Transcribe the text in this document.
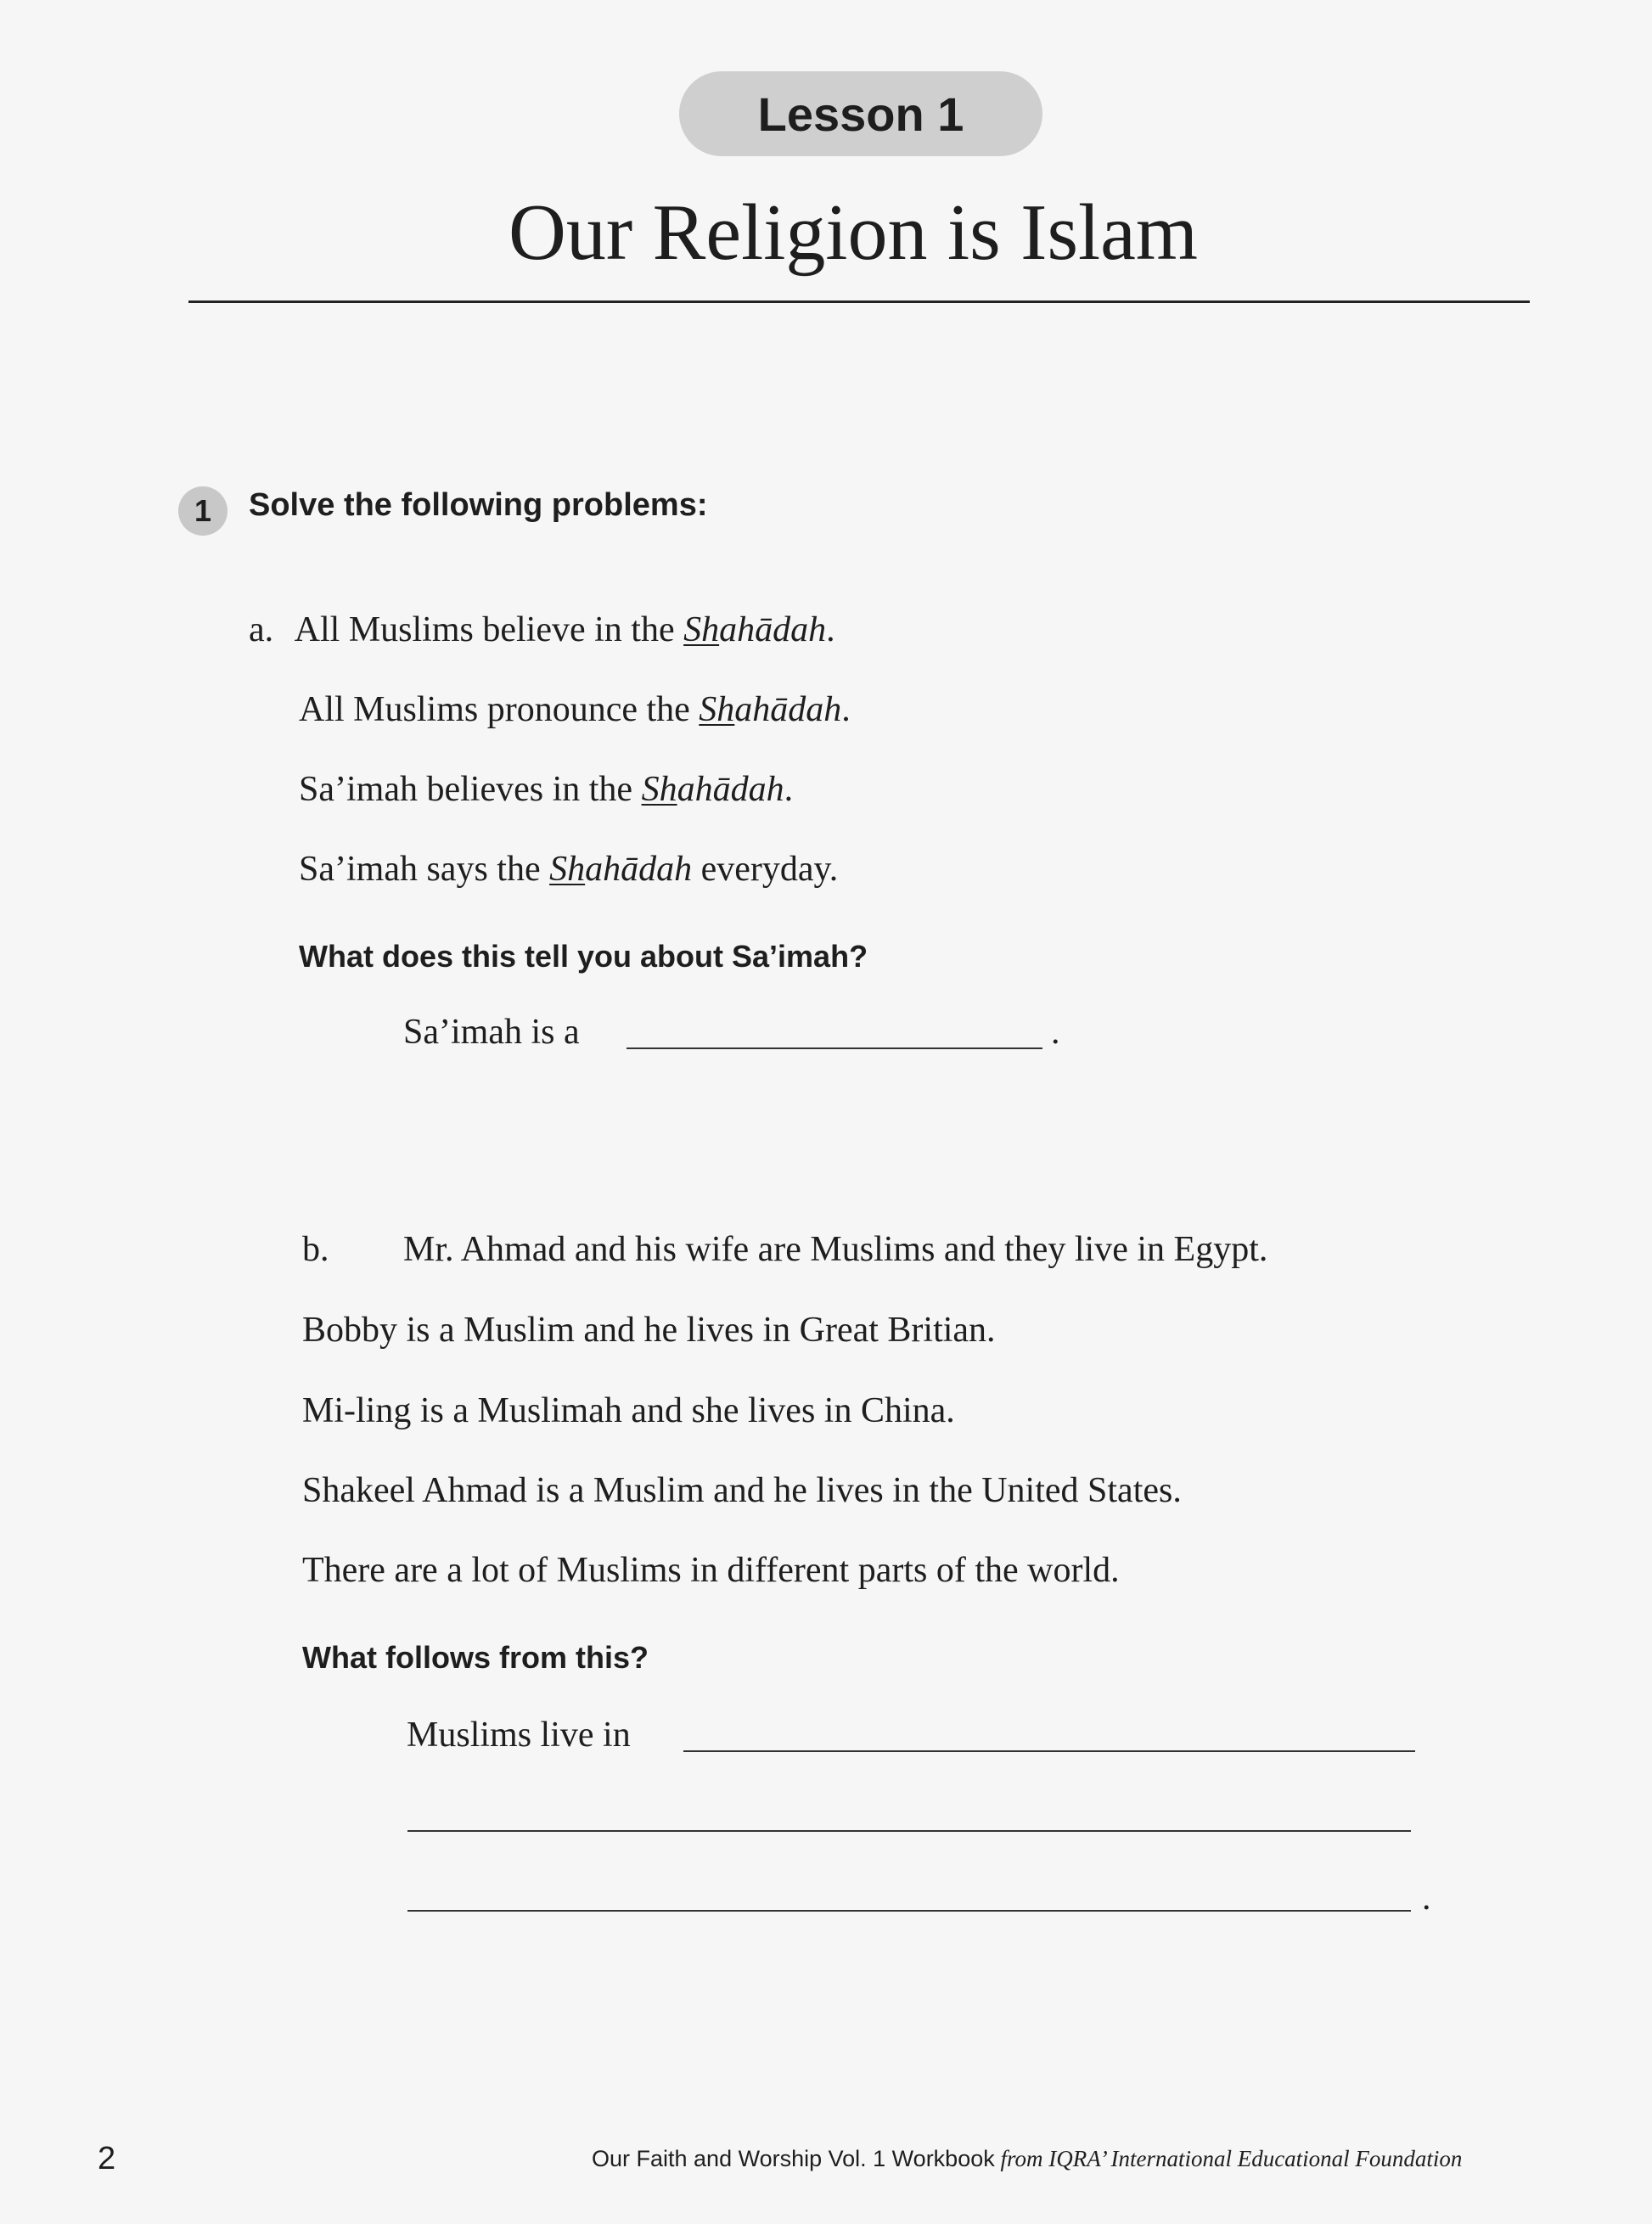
Lesson 1
Our Religion is Islam
1	Solve the following problems:
a. All Muslims believe in the Shahādah.
All Muslims pronounce the Shahādah.
Sa’imah believes in the Shahādah.
Sa’imah says the Shahādah everyday.
What does this tell you about Sa’imah?
Sa’imah is a	.
b. Mr. Ahmad and his wife are Muslims and they live in Egypt.
Bobby is a Muslim and he lives in Great Britian.
Mi-ling is a Muslimah and she lives in China.
Shakeel Ahmad is a Muslim and he lives in the United States.
There are a lot of Muslims in different parts of the world.
What follows from this?
Muslims live in
.
2	Our Faith and Worship Vol. 1 Workbook from IQRA’ International Educational Foundation
